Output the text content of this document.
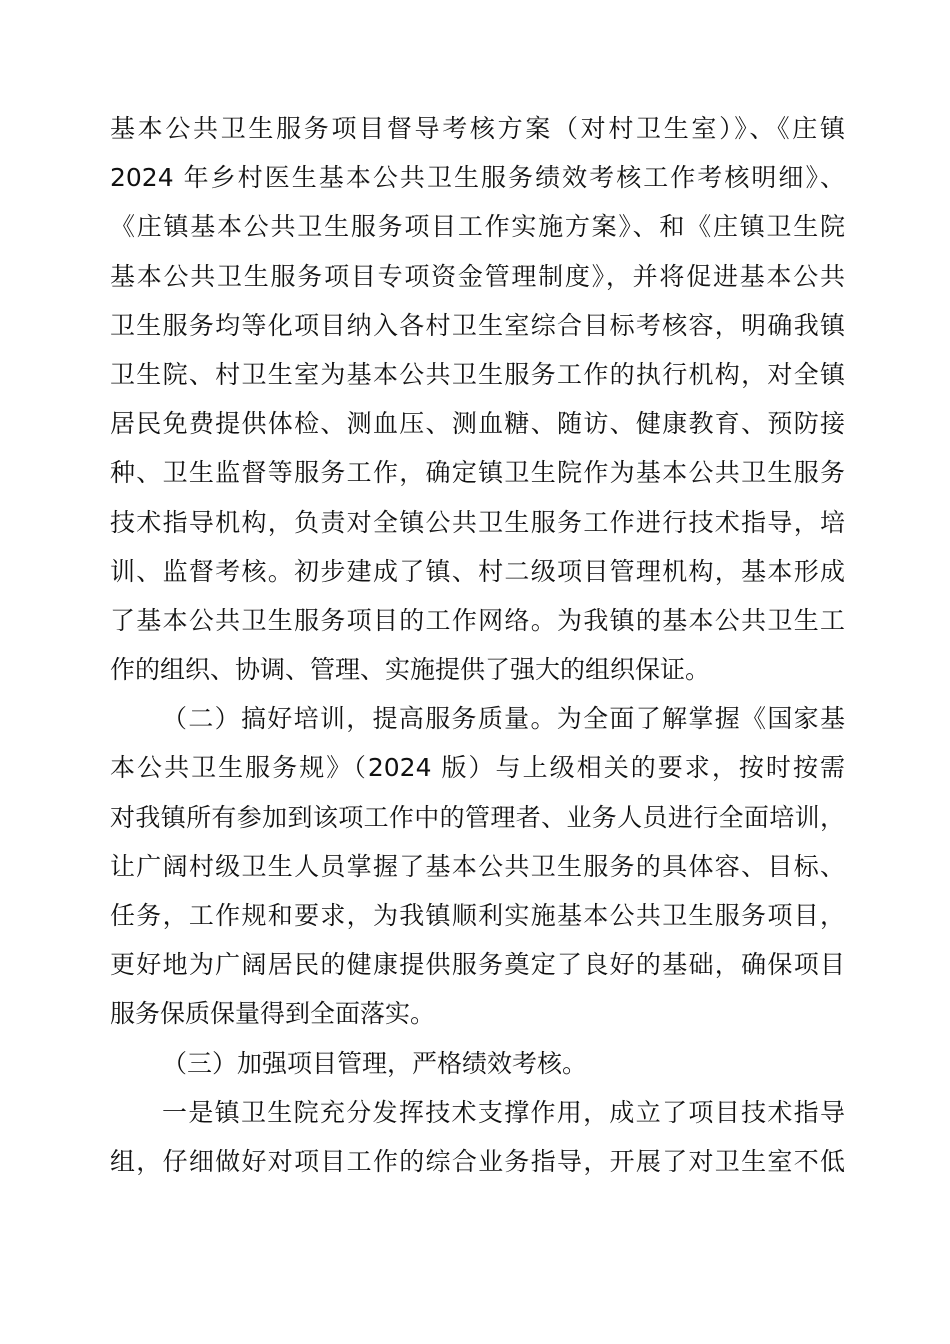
基本公共卫生服务项目督导考核方案（对村卫生室）》、《庄镇
2024 年乡村医生基本公共卫生服务绩效考核工作考核明细》、
《庄镇基本公共卫生服务项目工作实施方案》、和《庄镇卫生院
基本公共卫生服务项目专项资金管理制度》，并将促进基本公共
卫生服务均等化项目纳入各村卫生室综合目标考核容，明确我镇
卫生院、村卫生室为基本公共卫生服务工作的执行机构，对全镇
居民免费提供体检、测血压、测血糖、随访、健康教育、预防接
种、卫生监督等服务工作，确定镇卫生院作为基本公共卫生服务
技术指导机构，负责对全镇公共卫生服务工作进行技术指导，培
训、监督考核。初步建成了镇、村二级项目管理机构，基本形成
了基本公共卫生服务项目的工作网络。为我镇的基本公共卫生工
作的组织、协调、管理、实施提供了强大的组织保证。
（二）搞好培训，提高服务质量。为全面了解掌握《国家基
本公共卫生服务规》（2024 版）与上级相关的要求，按时按需
对我镇所有参加到该项工作中的管理者、业务人员进行全面培训，
让广阔村级卫生人员掌握了基本公共卫生服务的具体容、目标、
任务，工作规和要求，为我镇顺利实施基本公共卫生服务项目，
更好地为广阔居民的健康提供服务奠定了良好的基础，确保项目
服务保质保量得到全面落实。
（三）加强项目管理，严格绩效考核。
一是镇卫生院充分发挥技术支撑作用，成立了项目技术指导
组，仔细做好对项目工作的综合业务指导，开展了对卫生室不低
